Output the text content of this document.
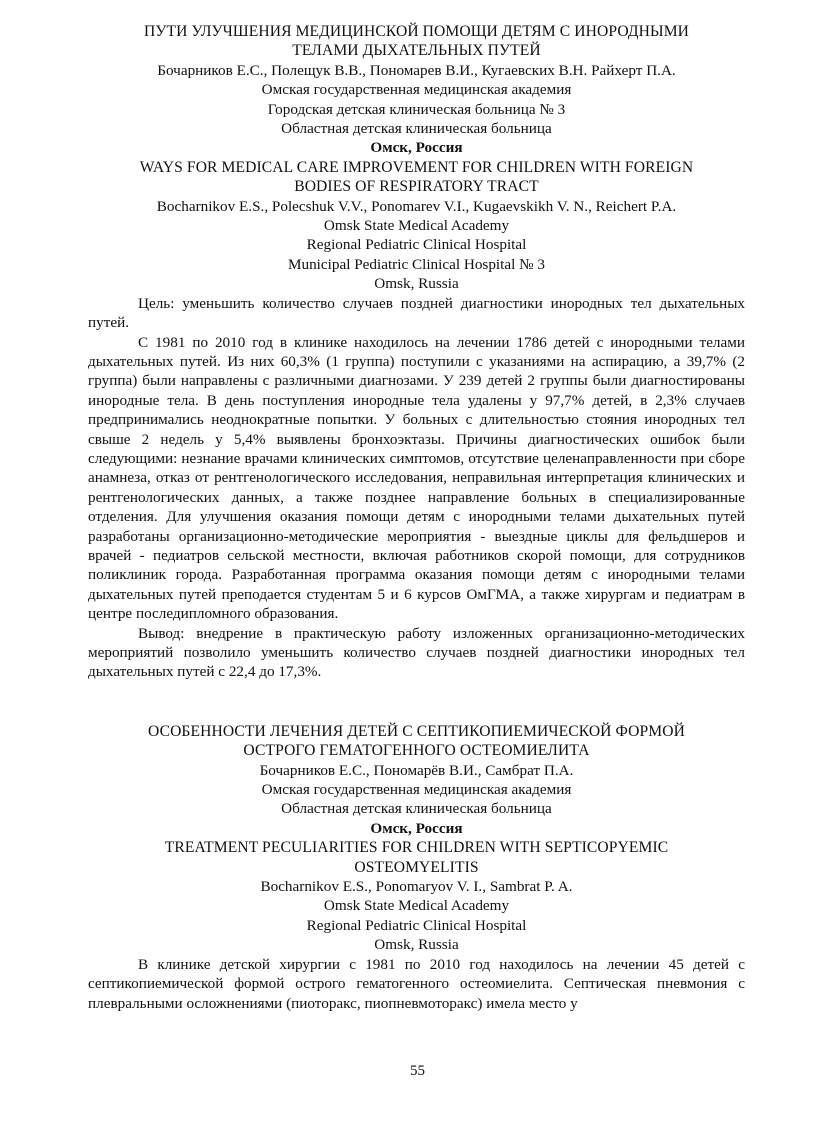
ПУТИ УЛУЧШЕНИЯ МЕДИЦИНСКОЙ ПОМОЩИ ДЕТЯМ С ИНОРОДНЫМИ
ТЕЛАМИ ДЫХАТЕЛЬНЫХ ПУТЕЙ
Бочарников Е.С., Полещук В.В., Пономарев В.И., Кугаевских В.Н. Райхерт П.А.
Омская государственная медицинская академия
Городская детская клиническая больница № 3
Областная детская клиническая больница
Омск, Россия
WAYS FOR MEDICAL CARE IMPROVEMENT FOR CHILDREN WITH FOREIGN
BODIES OF RESPIRATORY TRACT
Bocharnikov E.S., Polecshuk V.V., Ponomarev V.I., Kugaevskikh V. N., Reichert P.A.
Omsk State Medical Academy
Regional Pediatric Clinical Hospital
Municipal Pediatric Clinical Hospital № 3
Omsk, Russia

Цель: уменьшить количество случаев поздней диагностики инородных тел дыхательных путей.

С 1981 по 2010 год в клинике находилось на лечении 1786 детей с инородными телами дыхательных путей. Из них 60,3% (1 группа) поступили с указаниями на аспирацию, а 39,7% (2 группа) были направлены с различными диагнозами. У 239 детей 2 группы были диагностированы инородные тела. В день поступления инородные тела удалены у 97,7% детей, в 2,3% случаев предпринимались неоднократные попытки. У больных с длительностью стояния инородных тел свыше 2 недель у 5,4% выявлены бронхоэктазы. Причины диагностических ошибок были следующими: незнание врачами клинических симптомов, отсутствие целенаправленности при сборе анамнеза, отказ от рентгенологического исследования, неправильная интерпретация клинических и рентгенологических данных, а также позднее направление больных в специализированные отделения. Для улучшения оказания помощи детям с инородными телами дыхательных путей разработаны организационно-методические мероприятия - выездные циклы для фельдшеров и врачей - педиатров сельской местности, включая работников скорой помощи, для сотрудников поликлиник города. Разработанная программа оказания помощи детям с инородными телами дыхательных путей преподается студентам 5 и 6 курсов ОмГМА, а также хирургам и педиатрам в центре последипломного образования.

Вывод: внедрение в практическую работу изложенных организационно-методических мероприятий позволило уменьшить количество случаев поздней диагностики инородных тел дыхательных путей с 22,4 до 17,3%.

ОСОБЕННОСТИ ЛЕЧЕНИЯ ДЕТЕЙ С СЕПТИКОПИЕМИЧЕСКОЙ ФОРМОЙ
ОСТРОГО ГЕМАТОГЕННОГО ОСТЕОМИЕЛИТА
Бочарников Е.С., Пономарёв В.И., Самбрат П.А.
Омская государственная медицинская академия
Областная детская клиническая больница
Омск, Россия
TREATMENT PECULIARITIES FOR CHILDREN WITH SEPTICOPYEMIC
OSTEOMYELITIS
Bocharnikov E.S., Ponomaryov V. I., Sambrat P. A.
Omsk State Medical Academy
Regional Pediatric Clinical Hospital
Omsk, Russia

В клинике детской хирургии с 1981 по 2010 год находилось на лечении 45 детей с септикопиемической формой острого гематогенного остеомиелита. Септическая пневмония с плевральными осложнениями (пиоторакс, пиопневмоторакс) имела место у

55
